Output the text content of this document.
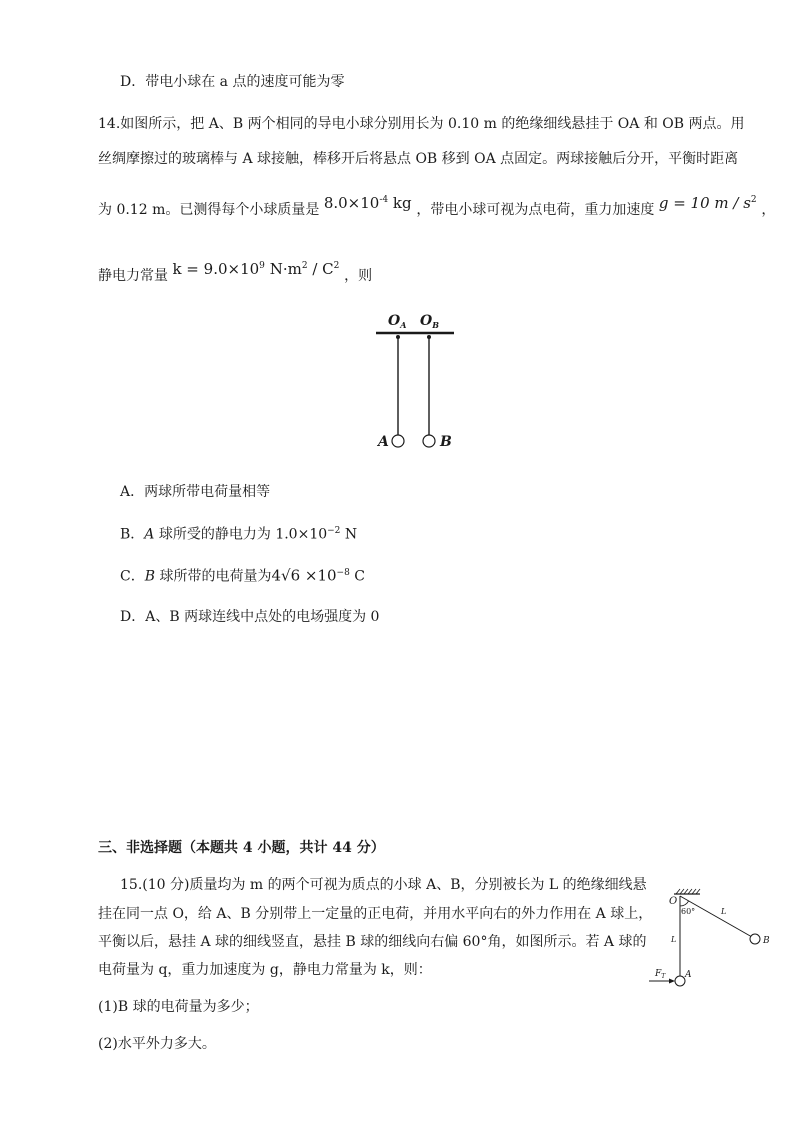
D．带电小球在 a 点的速度可能为零
14.如图所示，把 A、B 两个相同的导电小球分别用长为 0.10 m 的绝缘细线悬挂于 OA 和 OB 两点。用
丝绸摩擦过的玻璃棒与 A 球接触，棒移开后将悬点 OB 移到 OA 点固定。两球接触后分开，平衡时距离
为 0.12 m。已测得每个小球质量是 $8.0\times 10^{-4}$ kg ，带电小球可视为点电荷，重力加速度 g = 10 m / $s^2$ ，
静电力常量 $k = 9.0\times 10^9$ $N\cdot m^2 / C^2$ ，则
$O_A$ $O_B$
A	B
A．两球所带电荷量相等
B．A 球所受的静电力为 $1.0\times 10^{-2}$ N
C．B 球所带的电荷量为$4√6 \times 10^{-8}$ C
D．A、B 两球连线中点处的电场强度为 0
三、非选择题（本题共 4 小题，共计 44 分）
15.(10 分)质量均为 m 的两个可视为质点的小球 A、B，分别被长为 L 的绝缘细线悬
挂在同一点 O，给 A、B 分别带上一定量的正电荷，并用水平向右的外力作用在 A 球上，
平衡以后，悬挂 A 球的细线竖直，悬挂 B 球的细线向右偏 60°角，如图所示。若 A 球的
电荷量为 q，重力加速度为 g，静电力常量为 k，则：
(1)B 球的电荷量为多少；
(2)水平外力多大。
O
60°	L
L	B
A
$F_T$
